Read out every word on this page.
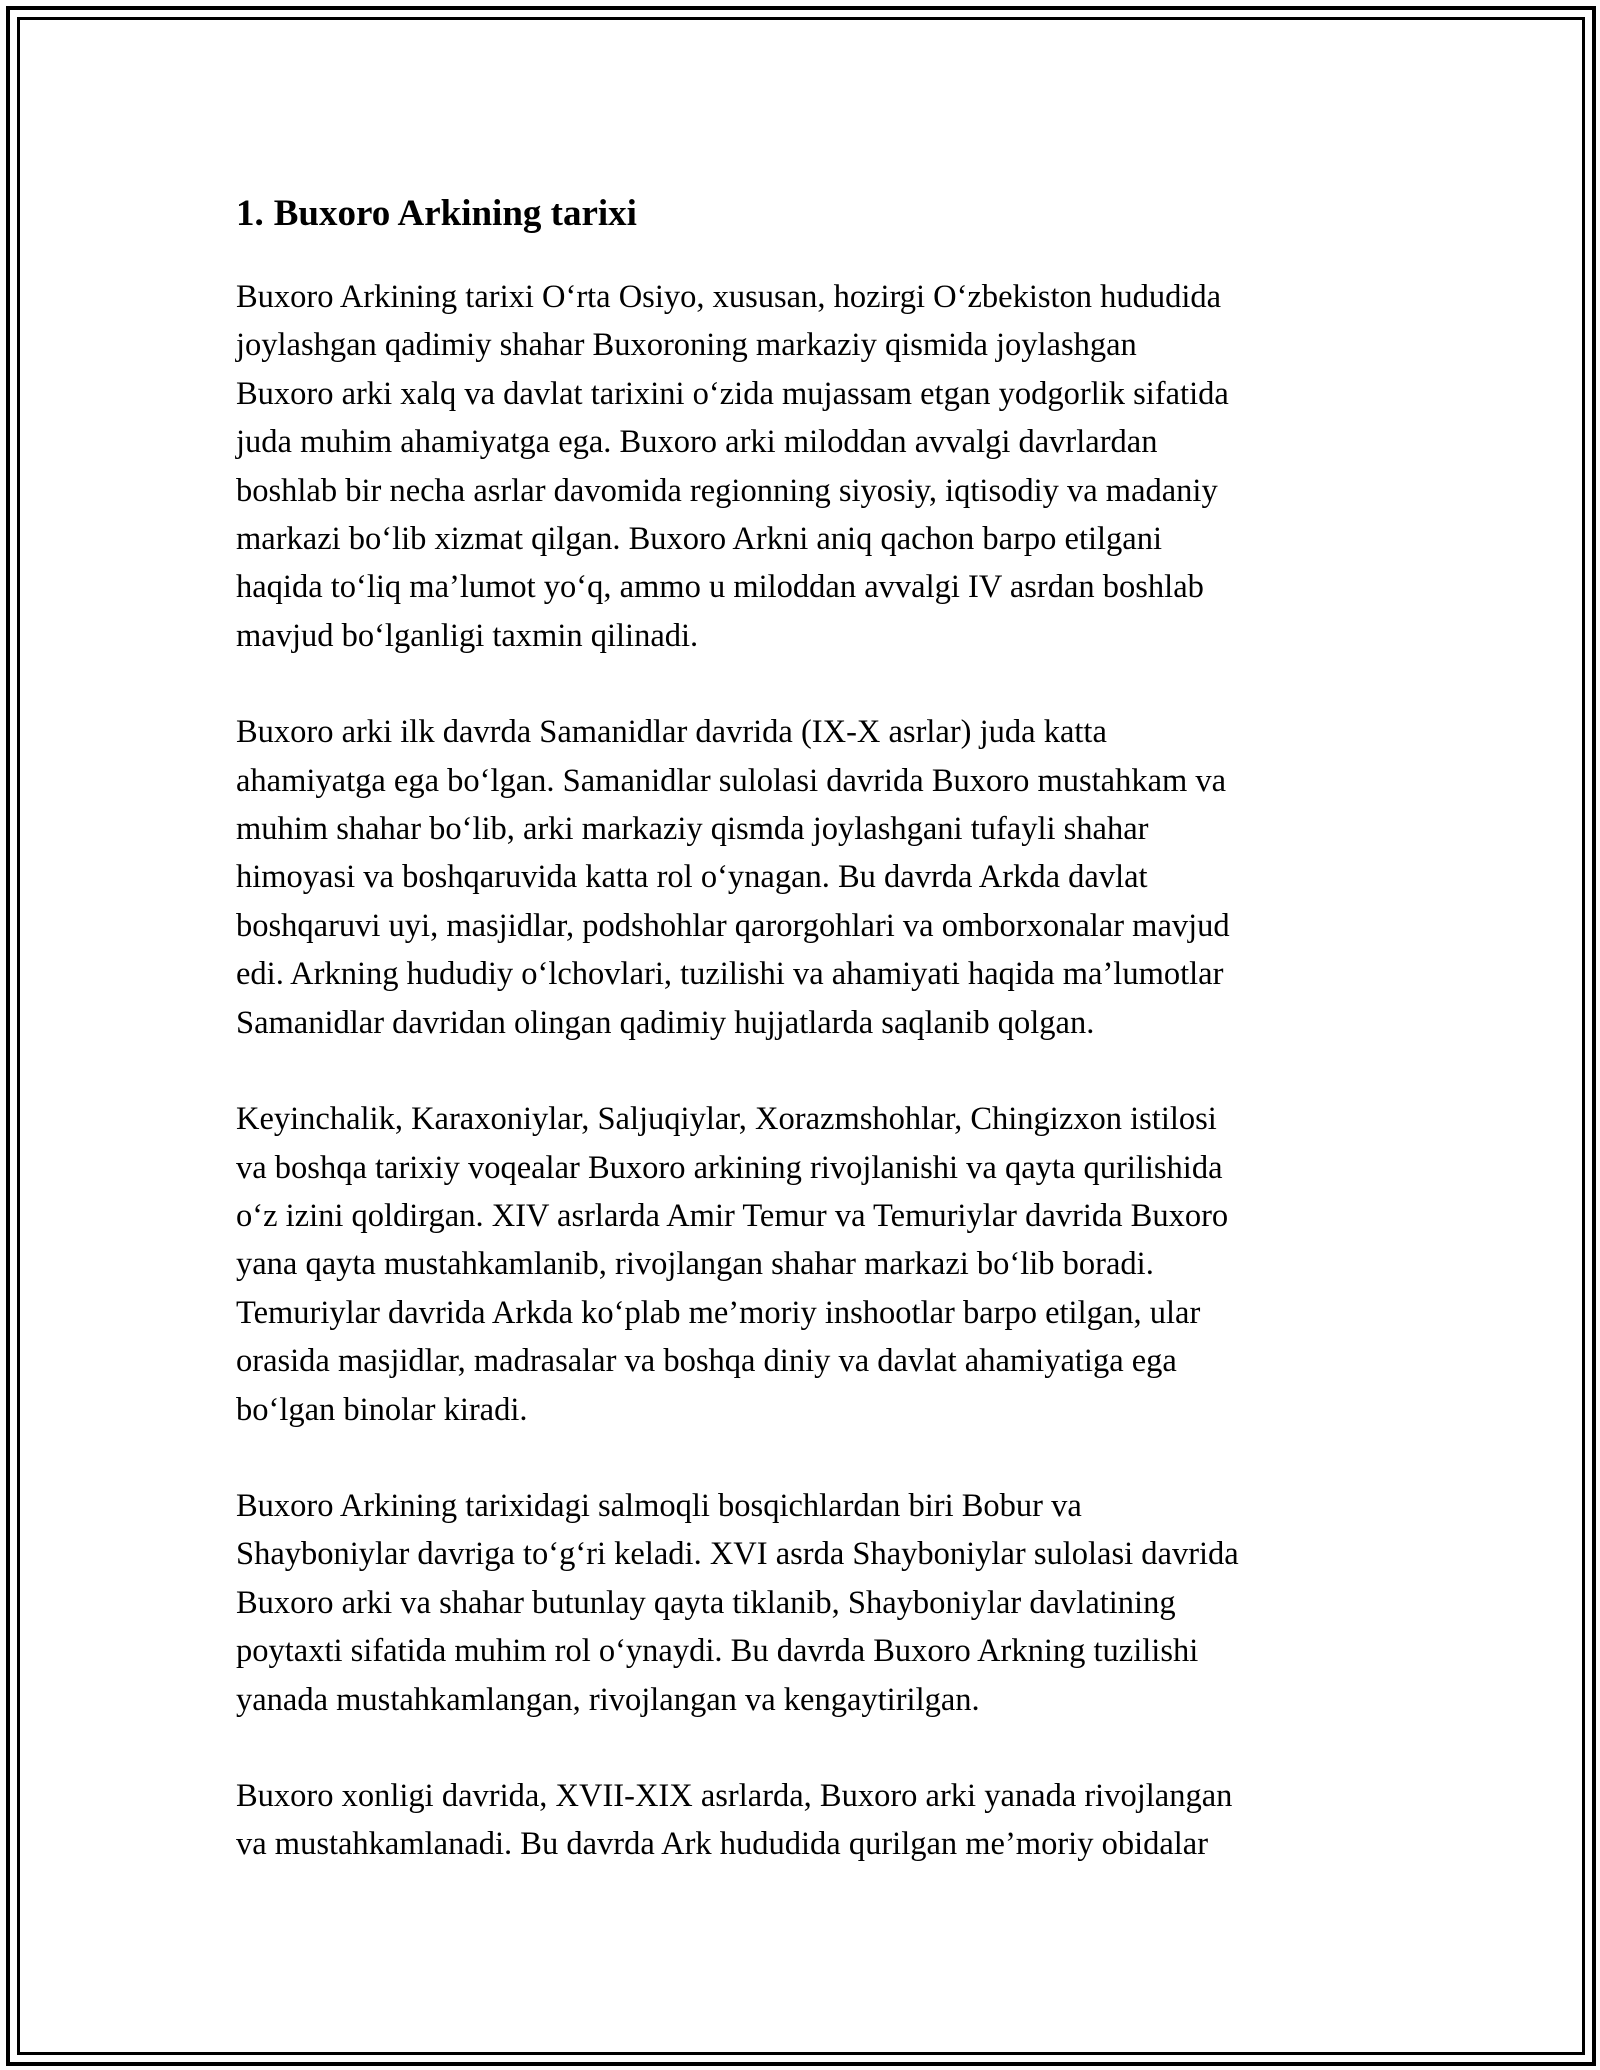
1. Buxoro Arkining tarixi

Buxoro Arkining tarixi O‘rta Osiyo, xususan, hozirgi O‘zbekiston hududida
joylashgan qadimiy shahar Buxoroning markaziy qismida joylashgan
Buxoro arki xalq va davlat tarixini o‘zida mujassam etgan yodgorlik sifatida
juda muhim ahamiyatga ega. Buxoro arki miloddan avvalgi davrlardan
boshlab bir necha asrlar davomida regionning siyosiy, iqtisodiy va madaniy
markazi bo‘lib xizmat qilgan. Buxoro Arkni aniq qachon barpo etilgani
haqida to‘liq ma’lumot yo‘q, ammo u miloddan avvalgi IV asrdan boshlab
mavjud bo‘lganligi taxmin qilinadi.

Buxoro arki ilk davrda Samanidlar davrida (IX-X asrlar) juda katta
ahamiyatga ega bo‘lgan. Samanidlar sulolasi davrida Buxoro mustahkam va
muhim shahar bo‘lib, arki markaziy qismda joylashgani tufayli shahar
himoyasi va boshqaruvida katta rol o‘ynagan. Bu davrda Arkda davlat
boshqaruvi uyi, masjidlar, podshohlar qarorgohlari va omborxonalar mavjud
edi. Arkning hududiy o‘lchovlari, tuzilishi va ahamiyati haqida ma’lumotlar
Samanidlar davridan olingan qadimiy hujjatlarda saqlanib qolgan.

Keyinchalik, Karaxoniylar, Saljuqiylar, Xorazmshohlar, Chingizxon istilosi
va boshqa tarixiy voqealar Buxoro arkining rivojlanishi va qayta qurilishida
o‘z izini qoldirgan. XIV asrlarda Amir Temur va Temuriylar davrida Buxoro
yana qayta mustahkamlanib, rivojlangan shahar markazi bo‘lib boradi.
Temuriylar davrida Arkda ko‘plab me’moriy inshootlar barpo etilgan, ular
orasida masjidlar, madrasalar va boshqa diniy va davlat ahamiyatiga ega
bo‘lgan binolar kiradi.

Buxoro Arkining tarixidagi salmoqli bosqichlardan biri Bobur va
Shayboniylar davriga to‘g‘ri keladi. XVI asrda Shayboniylar sulolasi davrida
Buxoro arki va shahar butunlay qayta tiklanib, Shayboniylar davlatining
poytaxti sifatida muhim rol o‘ynaydi. Bu davrda Buxoro Arkning tuzilishi
yanada mustahkamlangan, rivojlangan va kengaytirilgan.

Buxoro xonligi davrida, XVII-XIX asrlarda, Buxoro arki yanada rivojlangan
va mustahkamlanadi. Bu davrda Ark hududida qurilgan me’moriy obidalar
